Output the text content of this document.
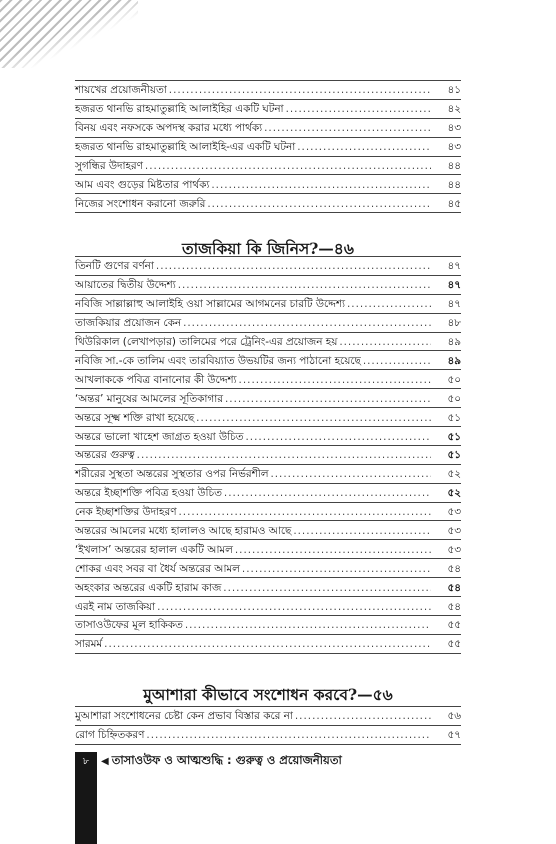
শায়খের প্রয়োজনীয়তা .....	৪১
হজরত থানভি রাহমাতুল্লাহি আলাইহির একটি ঘটনা .....	৪২
বিনয় এবং নফসকে অপদস্থ করার মধ্যে পার্থক্য .....	৪৩
হজরত থানভি রাহমাতুল্লাহি আলাইহি-এর একটি ঘটনা .....	৪৩
সুগন্ধির উদাহরণ .....	৪৪
আম এবং গুড়ের মিষ্টতার পার্থক্য .....	৪৪
নিজের সংশোধন করানো জরুরি .....	৪৫
তাজকিয়া কি জিনিস?—৪৬
তিনটি গুণের বর্ণনা .....	৪৭
আয়াতের দ্বিতীয় উদ্দেশ্য .....	৪৭
নবিজি সাল্লাল্লাহু আলাইহি ওয়া সাল্লামের আগমনের চারটি উদ্দেশ্য .....	৪৭
তাজকিয়ার প্রয়োজন কেন .....	৪৮
থিউরিকাল (লেখাপড়ার) তালিমের পরে ট্রেনিং-এর প্রয়োজন হয় .....	৪৯
নবিজি সা.-কে তালিম এবং তারবিয়্যাত উভয়টির জন্য পাঠানো হয়েছে .....	৪৯
আখলাককে পবিত্র বানানোর কী উদ্দেশ্য .....	৫০
‘অন্তর’ মানুষের আমলের সূতিকাগার .....	৫০
অন্তরে সূক্ষ্ম শক্তি রাখা হয়েছে .....	৫১
অন্তরে ভালো খাহেশ জাগ্রত হওয়া উচিত .....	৫১
অন্তরের গুরুত্ব .....	৫১
শরীরের সুস্থতা অন্তরের সুস্থতার ওপর নির্ভরশীল .....	৫২
অন্তরে ইচ্ছাশক্তি পবিত্র হওয়া উচিত .....	৫২
নেক ইচ্ছাশক্তির উদাহরণ .....	৫৩
অন্তরের আমলের মধ্যে হালালও আছে হারামও আছে .....	৫৩
‘ইখলাস’ অন্তরের হালাল একটি আমল .....	৫৩
শোকর এবং সবর বা ধৈর্য অন্তরের আমল .....	৫৪
অহংকার অন্তরের একটি হারাম কাজ .....	৫৪
এরই নাম তাজকিয়া .....	৫৪
তাসাওউফের মূল হাকিকত .....	৫৫
সারমর্ম .....	৫৫
মুআশারা কীভাবে সংশোধন করবে?—৫৬
মুআশারা সংশোধনের চেষ্টা কেন প্রভাব বিস্তার করে না .....	৫৬
রোগ চিহ্নিতকরণ .....	৫৭
৮	◀ তাসাওউফ ও আত্মশুদ্ধি : গুরুত্ব ও প্রয়োজনীয়তা
